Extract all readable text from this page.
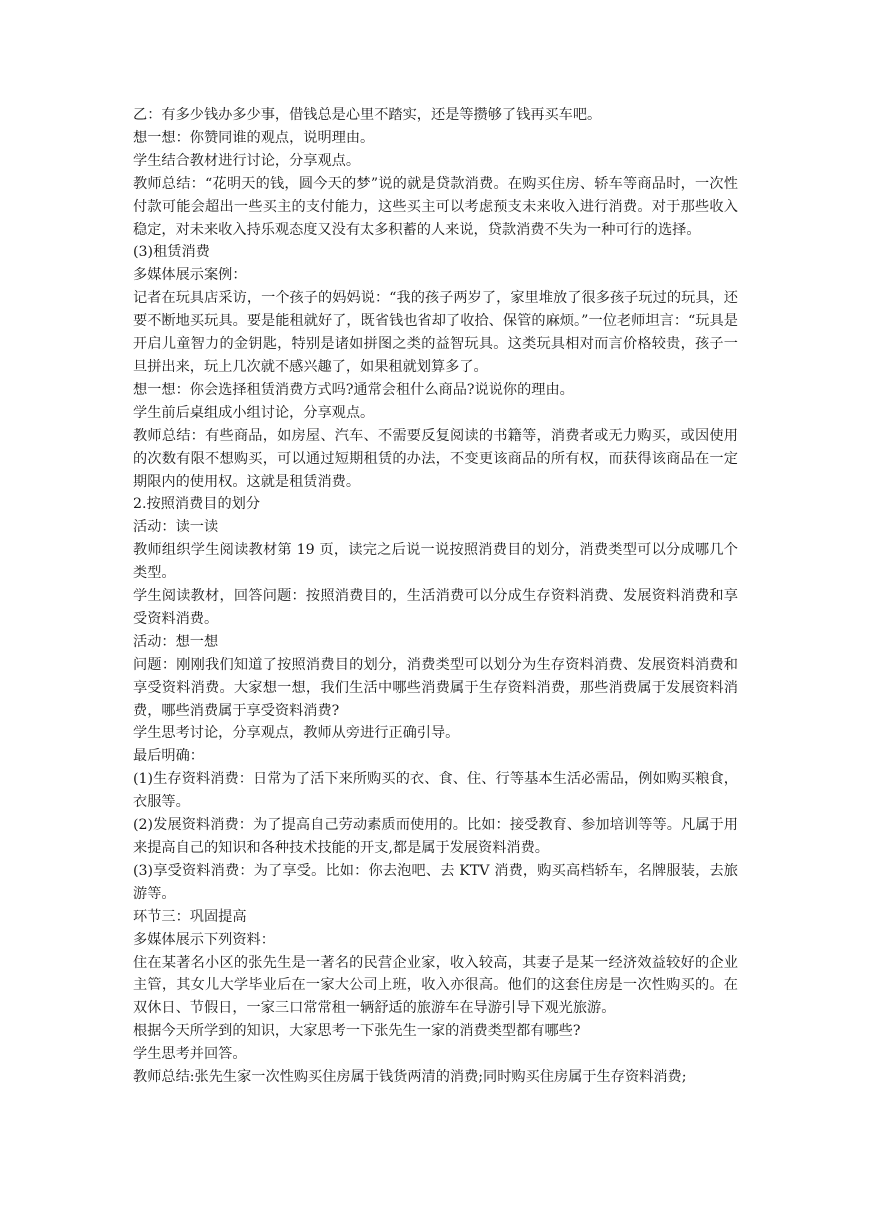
乙：有多少钱办多少事，借钱总是心里不踏实，还是等攒够了钱再买车吧。

想一想：你赞同谁的观点，说明理由。

学生结合教材进行讨论，分享观点。

教师总结：“花明天的钱，圆今天的梦”说的就是贷款消费。在购买住房、轿车等商品时，一次性付款可能会超出一些买主的支付能力，这些买主可以考虑预支未来收入进行消费。对于那些收入稳定，对未来收入持乐观态度又没有太多积蓄的人来说，贷款消费不失为一种可行的选择。

(3)租赁消费

多媒体展示案例：

记者在玩具店采访，一个孩子的妈妈说：“我的孩子两岁了，家里堆放了很多孩子玩过的玩具，还要不断地买玩具。要是能租就好了，既省钱也省却了收拾、保管的麻烦。”一位老师坦言：“玩具是开启儿童智力的金钥匙，特别是诸如拼图之类的益智玩具。这类玩具相对而言价格较贵，孩子一旦拼出来，玩上几次就不感兴趣了，如果租就划算多了。

想一想：你会选择租赁消费方式吗?通常会租什么商品?说说你的理由。

学生前后桌组成小组讨论，分享观点。

教师总结：有些商品，如房屋、汽车、不需要反复阅读的书籍等，消费者或无力购买，或因使用的次数有限不想购买，可以通过短期租赁的办法，不变更该商品的所有权，而获得该商品在一定期限内的使用权。这就是租赁消费。

2.按照消费目的划分

活动：读一读

教师组织学生阅读教材第 19 页，读完之后说一说按照消费目的划分，消费类型可以分成哪几个类型。

学生阅读教材，回答问题：按照消费目的，生活消费可以分成生存资料消费、发展资料消费和享受资料消费。

活动：想一想

问题：刚刚我们知道了按照消费目的划分，消费类型可以划分为生存资料消费、发展资料消费和享受资料消费。大家想一想，我们生活中哪些消费属于生存资料消费，那些消费属于发展资料消费，哪些消费属于享受资料消费?

学生思考讨论，分享观点，教师从旁进行正确引导。

最后明确：

(1)生存资料消费：日常为了活下来所购买的衣、食、住、行等基本生活必需品，例如购买粮食，衣服等。

(2)发展资料消费：为了提高自己劳动素质而使用的。比如：接受教育、参加培训等等。凡属于用来提高自己的知识和各种技术技能的开支,都是属于发展资料消费。

(3)享受资料消费：为了享受。比如：你去泡吧、去 KTV 消费，购买高档轿车，名牌服装，去旅游等。

环节三：巩固提高

多媒体展示下列资料：

住在某著名小区的张先生是一著名的民营企业家，收入较高，其妻子是某一经济效益较好的企业主管，其女儿大学毕业后在一家大公司上班，收入亦很高。他们的这套住房是一次性购买的。在双休日、节假日，一家三口常常租一辆舒适的旅游车在导游引导下观光旅游。

根据今天所学到的知识，大家思考一下张先生一家的消费类型都有哪些?

学生思考并回答。

教师总结:张先生家一次性购买住房属于钱货两清的消费;同时购买住房属于生存资料消费;
